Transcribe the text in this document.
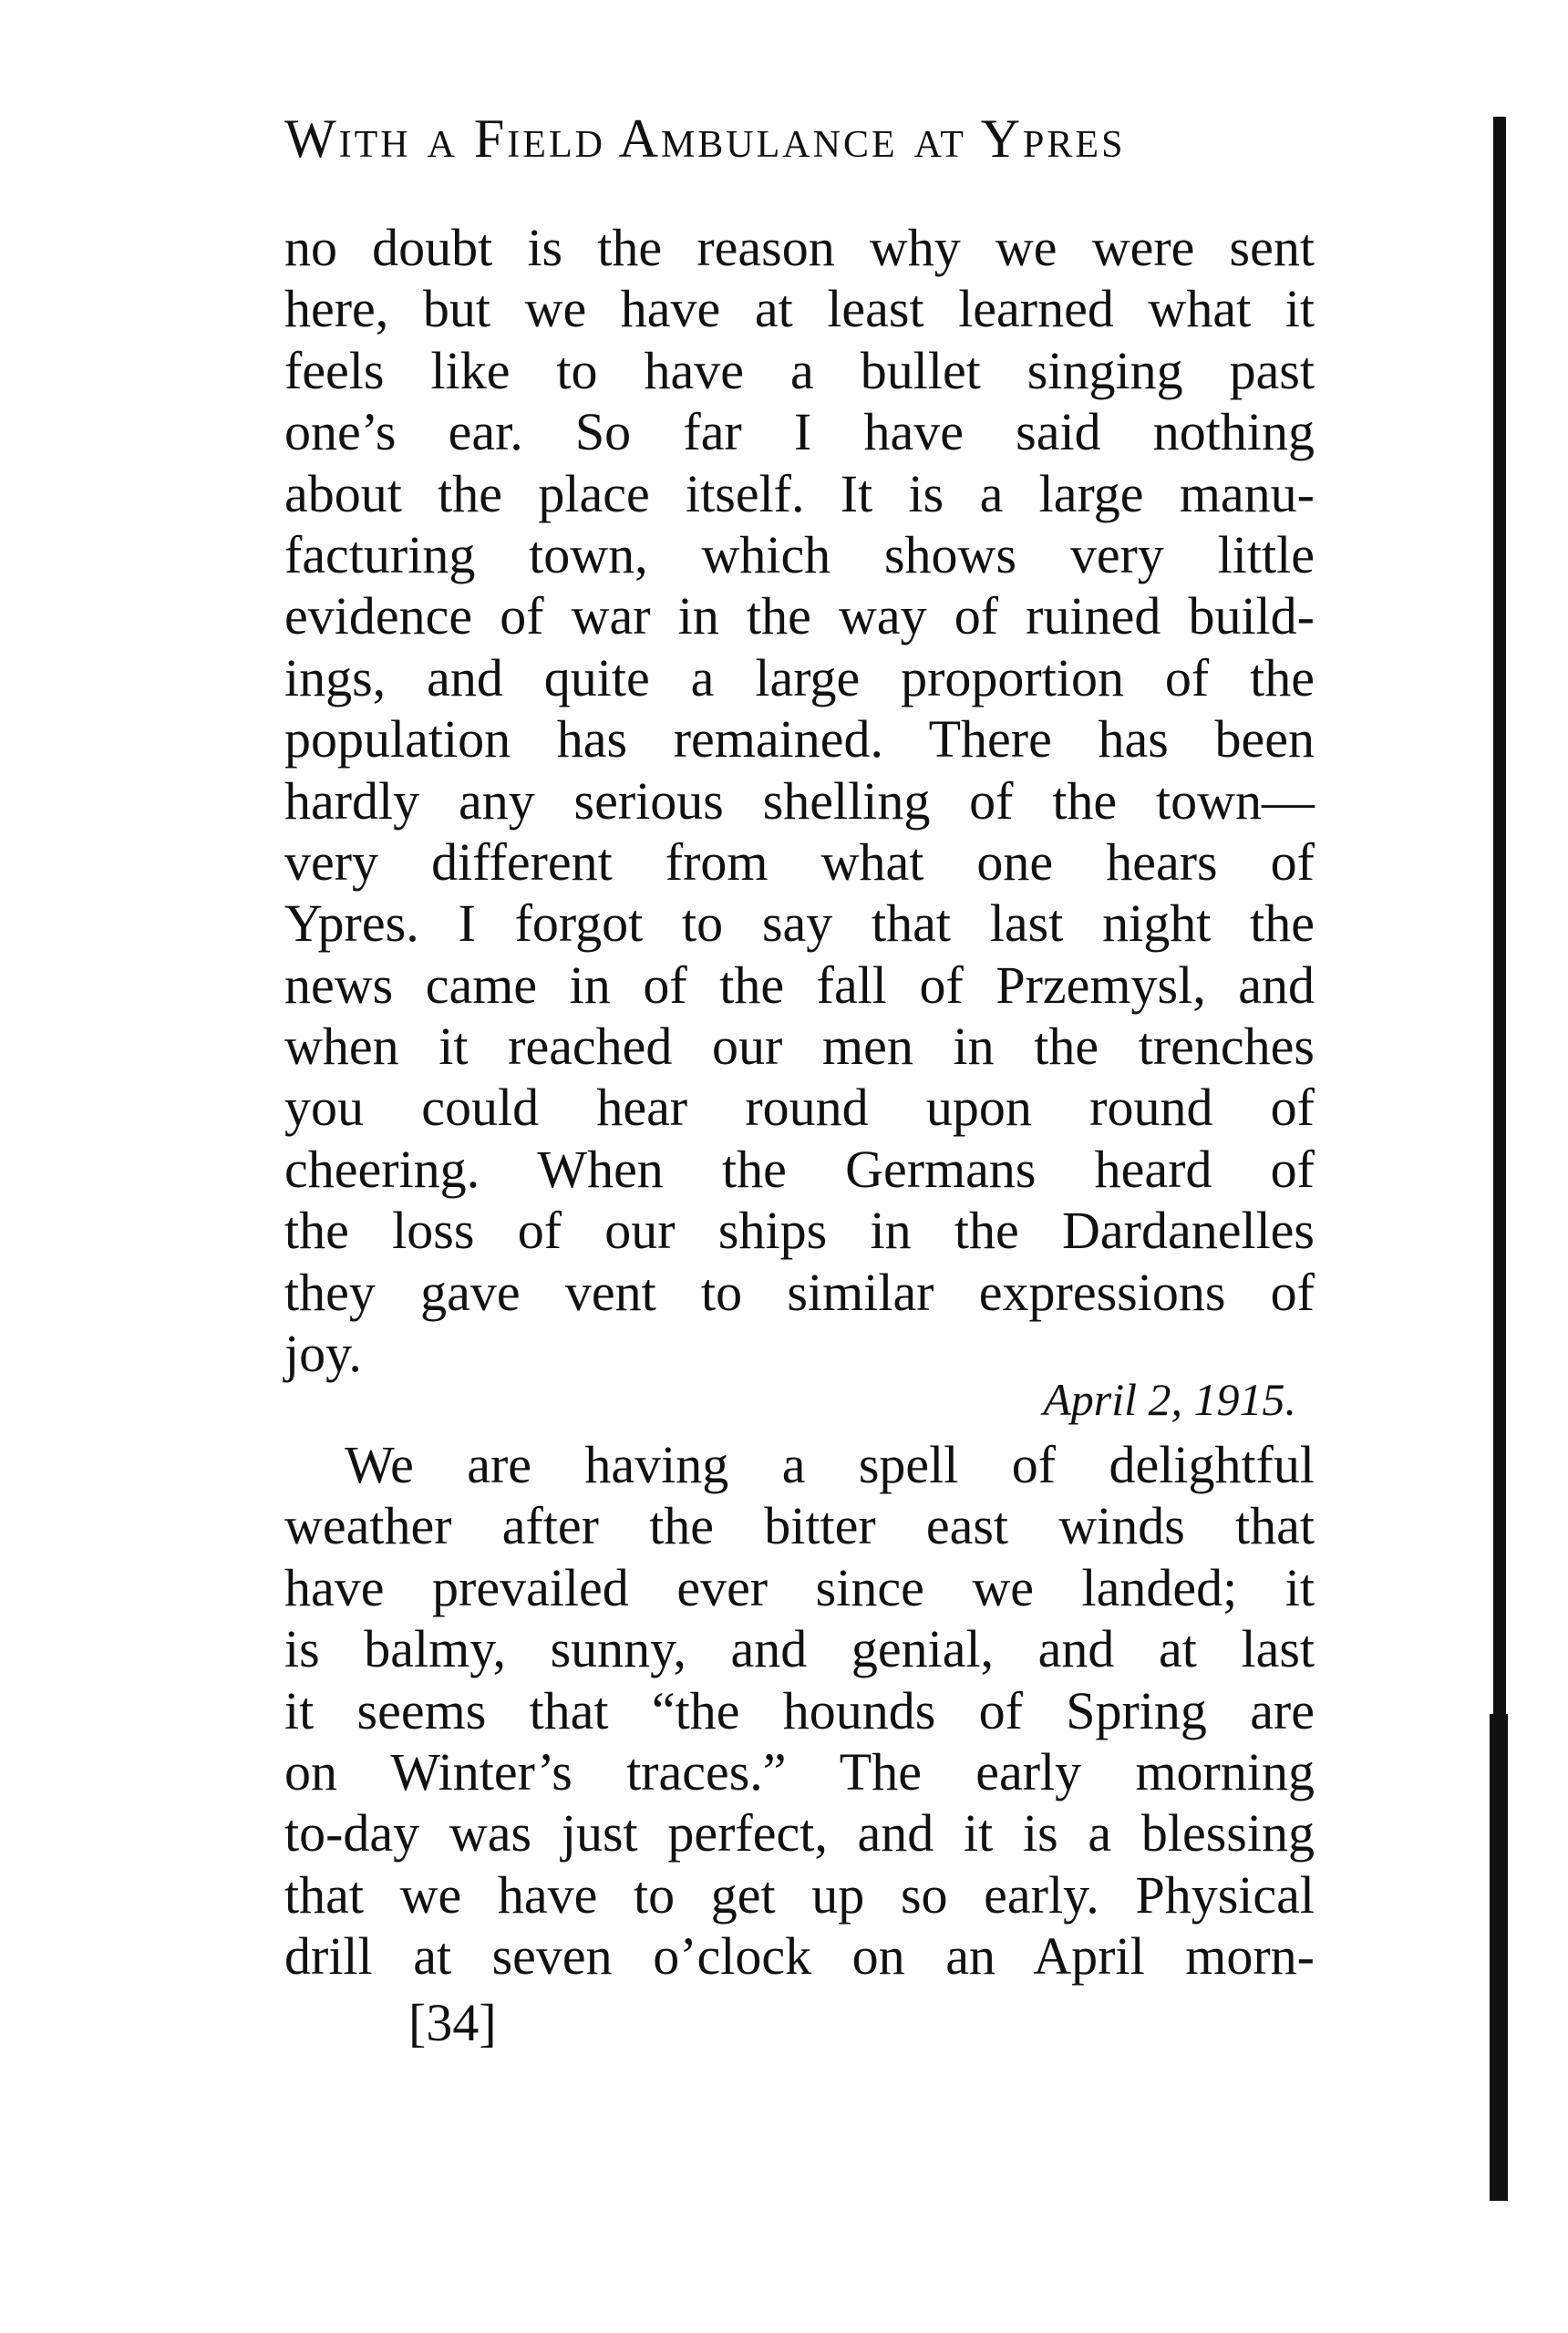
With a Field Ambulance at Ypres
no doubt is the reason why we were sent
here, but we have at least learned what it
feels like to have a bullet singing past
one’s ear. So far I have said nothing
about the place itself. It is a large manu-
facturing town, which shows very little
evidence of war in the way of ruined build-
ings, and quite a large proportion of the
population has remained. There has been
hardly any serious shelling of the town—
very different from what one hears of
Ypres. I forgot to say that last night the
news came in of the fall of Przemysl, and
when it reached our men in the trenches
you could hear round upon round of
cheering. When the Germans heard of
the loss of our ships in the Dardanelles
they gave vent to similar expressions of
joy.
April 2, 1915.
We are having a spell of delightful
weather after the bitter east winds that
have prevailed ever since we landed; it
is balmy, sunny, and genial, and at last
it seems that “the hounds of Spring are
on Winter’s traces.” The early morning
to-day was just perfect, and it is a blessing
that we have to get up so early. Physical
drill at seven o’clock on an April morn-
[34]
